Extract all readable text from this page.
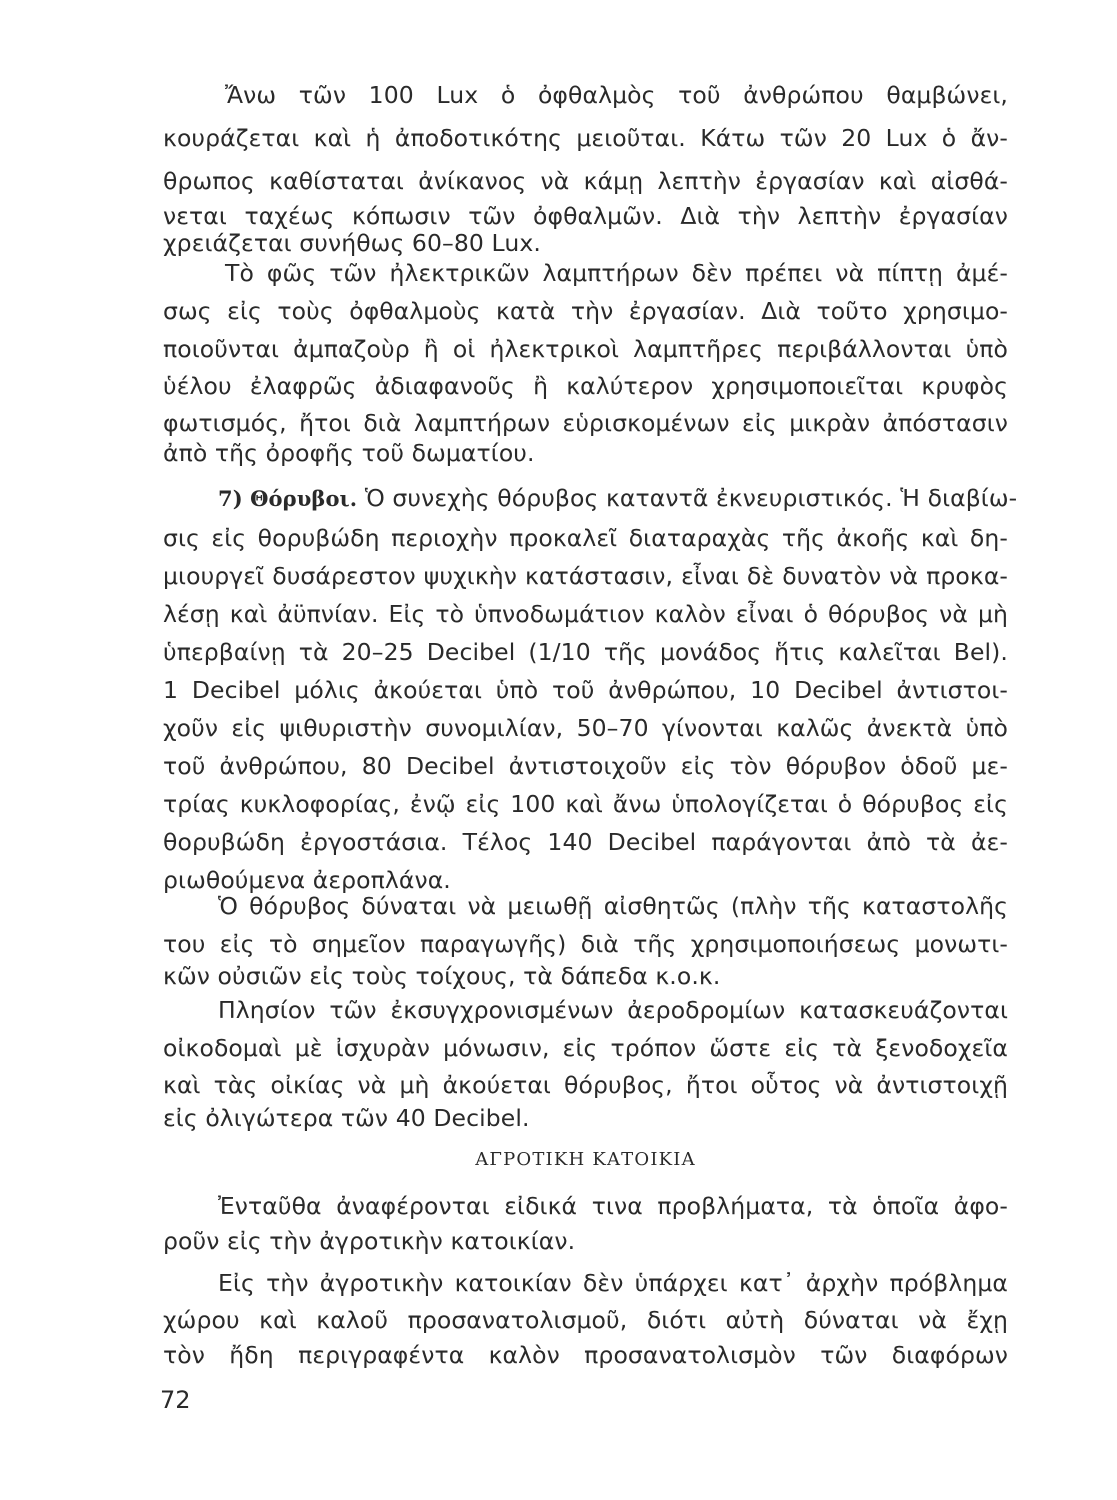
Ἄνω τῶν 100 Lux ὁ ὀφθαλμὸς τοῦ ἀνθρώπου θαμβώνει,
κουράζεται καὶ ἡ ἀποδοτικότης μειοῦται. Κάτω τῶν 20 Lux ὁ ἄν-
θρωπος καθίσταται ἀνίκανος νὰ κάμῃ λεπτὴν ἐργασίαν καὶ αἰσθά-
νεται ταχέως κόπωσιν τῶν ὀφθαλμῶν. Διὰ τὴν λεπτὴν ἐργασίαν
χρειάζεται συνήθως 60–80 Lux.
Τὸ φῶς τῶν ἠλεκτρικῶν λαμπτήρων δὲν πρέπει νὰ πίπτῃ ἀμέ-
σως εἰς τοὺς ὀφθαλμοὺς κατὰ τὴν ἐργασίαν. Διὰ τοῦτο χρησιμο-
ποιοῦνται ἀμπαζοὺρ ἢ οἱ ἠλεκτρικοὶ λαμπτῆρες περιβάλλονται ὑπὸ
ὑέλου ἐλαφρῶς ἀδιαφανοῦς ἢ καλύτερον χρησιμοποιεῖται κρυφὸς
φωτισμός, ἤτοι διὰ λαμπτήρων εὑρισκομένων εἰς μικρὰν ἀπόστασιν
ἀπὸ τῆς ὀροφῆς τοῦ δωματίου.
7) Θόρυβοι. Ὁ συνεχὴς θόρυβος καταντᾶ ἐκνευριστικός. Ἡ διαβίω-
σις εἰς θορυβώδη περιοχὴν προκαλεῖ διαταραχὰς τῆς ἀκοῆς καὶ δη-
μιουργεῖ δυσάρεστον ψυχικὴν κατάστασιν, εἶναι δὲ δυνατὸν νὰ προκα-
λέσῃ καὶ ἀϋπνίαν. Εἰς τὸ ὑπνοδωμάτιον καλὸν εἶναι ὁ θόρυβος νὰ μὴ
ὑπερβαίνῃ τὰ 20–25 Decibel (1/10 τῆς μονάδος ἥτις καλεῖται Bel).
1 Decibel μόλις ἀκούεται ὑπὸ τοῦ ἀνθρώπου, 10 Decibel ἀντιστοι-
χοῦν εἰς ψιθυριστὴν συνομιλίαν, 50–70 γίνονται καλῶς ἀνεκτὰ ὑπὸ
τοῦ ἀνθρώπου, 80 Decibel ἀντιστοιχοῦν εἰς τὸν θόρυβον ὁδοῦ με-
τρίας κυκλοφορίας, ἐνῷ εἰς 100 καὶ ἄνω ὑπολογίζεται ὁ θόρυβος εἰς
θορυβώδη ἐργοστάσια. Τέλος 140 Decibel παράγονται ἀπὸ τὰ ἀε-
ριωθούμενα ἀεροπλάνα.
Ὁ θόρυβος δύναται νὰ μειωθῇ αἰσθητῶς (πλὴν τῆς καταστολῆς
του εἰς τὸ σημεῖον παραγωγῆς) διὰ τῆς χρησιμοποιήσεως μονωτι-
κῶν οὐσιῶν εἰς τοὺς τοίχους, τὰ δάπεδα κ.ο.κ.
Πλησίον τῶν ἐκσυγχρονισμένων ἀεροδρομίων κατασκευάζονται
οἰκοδομαὶ μὲ ἰσχυρὰν μόνωσιν, εἰς τρόπον ὥστε εἰς τὰ ξενοδοχεῖα
καὶ τὰς οἰκίας νὰ μὴ ἀκούεται θόρυβος, ἤτοι οὗτος νὰ ἀντιστοιχῇ
εἰς ὀλιγώτερα τῶν 40 Decibel.
ΑΓΡΟΤΙΚΗ ΚΑΤΟΙΚΙΑ
Ἐνταῦθα ἀναφέρονται εἰδικά τινα προβλήματα, τὰ ὁποῖα ἀφο-
ροῦν εἰς τὴν ἀγροτικὴν κατοικίαν.
Εἰς τὴν ἀγροτικὴν κατοικίαν δὲν ὑπάρχει κατ᾽ ἀρχὴν πρόβλημα
χώρου καὶ καλοῦ προσανατολισμοῦ, διότι αὐτὴ δύναται νὰ ἔχῃ
τὸν ἤδη περιγραφέντα καλὸν προσανατολισμὸν τῶν διαφόρων
72
